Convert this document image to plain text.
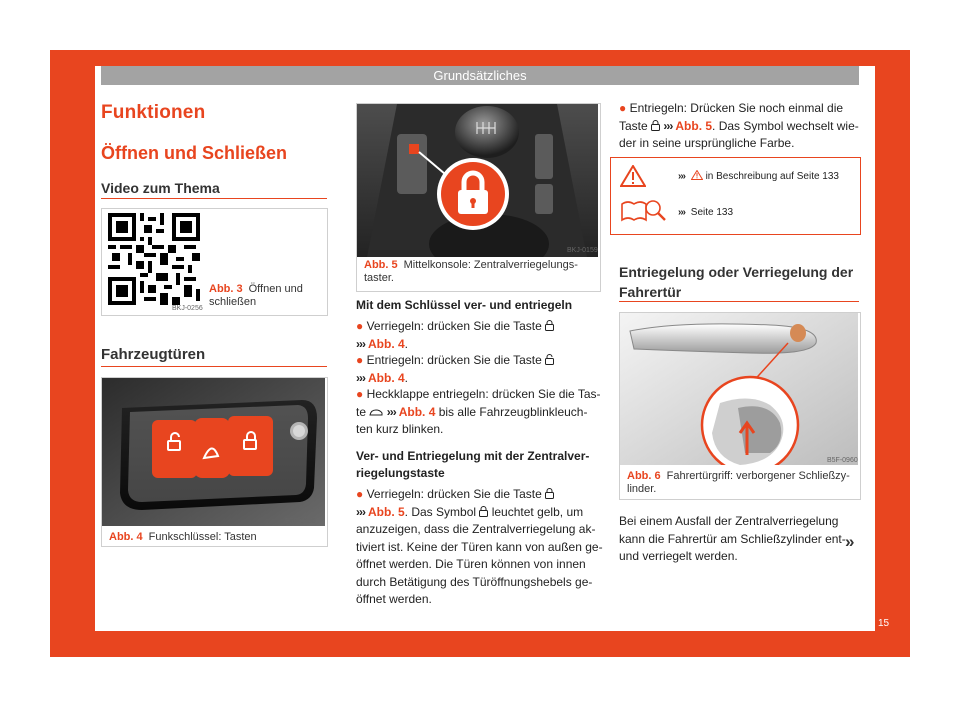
Grundsätzliches
Funktionen
Öffnen und Schließen
Video zum Thema
BKJ-0256
Abb. 3 Öffnen und schließen
Fahrzeugtüren
B5F-0956
Abb. 4 Funkschlüssel: Tasten
BKJ-0159
Abb. 5 Mittelkonsole: Zentralverriegelungs-
taster.
Mit dem Schlüssel ver- und entriegeln
● Verriegeln: drücken Sie die Taste
››› Abb. 4.
● Entriegeln: drücken Sie die Taste
››› Abb. 4.
● Heckklappe entriegeln: drücken Sie die Tas-
te ››› Abb. 4 bis alle Fahrzeugblinkleuch-
ten kurz blinken.
Ver- und Entriegelung mit der Zentralver-
riegelungstaste
● Verriegeln: drücken Sie die Taste
››› Abb. 5. Das Symbol leuchtet gelb, um
anzuzeigen, dass die Zentralverriegelung ak-
tiviert ist. Keine der Türen kann von außen ge-
öffnet werden. Die Türen können von innen
durch Betätigung des Türöffnungshebels ge-
öffnet werden.
● Entriegeln: Drücken Sie noch einmal die
Taste ››› Abb. 5. Das Symbol wechselt wie-
der in seine ursprüngliche Farbe.
››› in Beschreibung auf Seite 133
››› Seite 133
Entriegelung oder Verriegelung der
Fahrertür
B5F-0960
Abb. 6 Fahrertürgriff: verborgener Schließzy-
linder.
Bei einem Ausfall der Zentralverriegelung
kann die Fahrertür am Schließzylinder ent-
und verriegelt werden.
»
15
